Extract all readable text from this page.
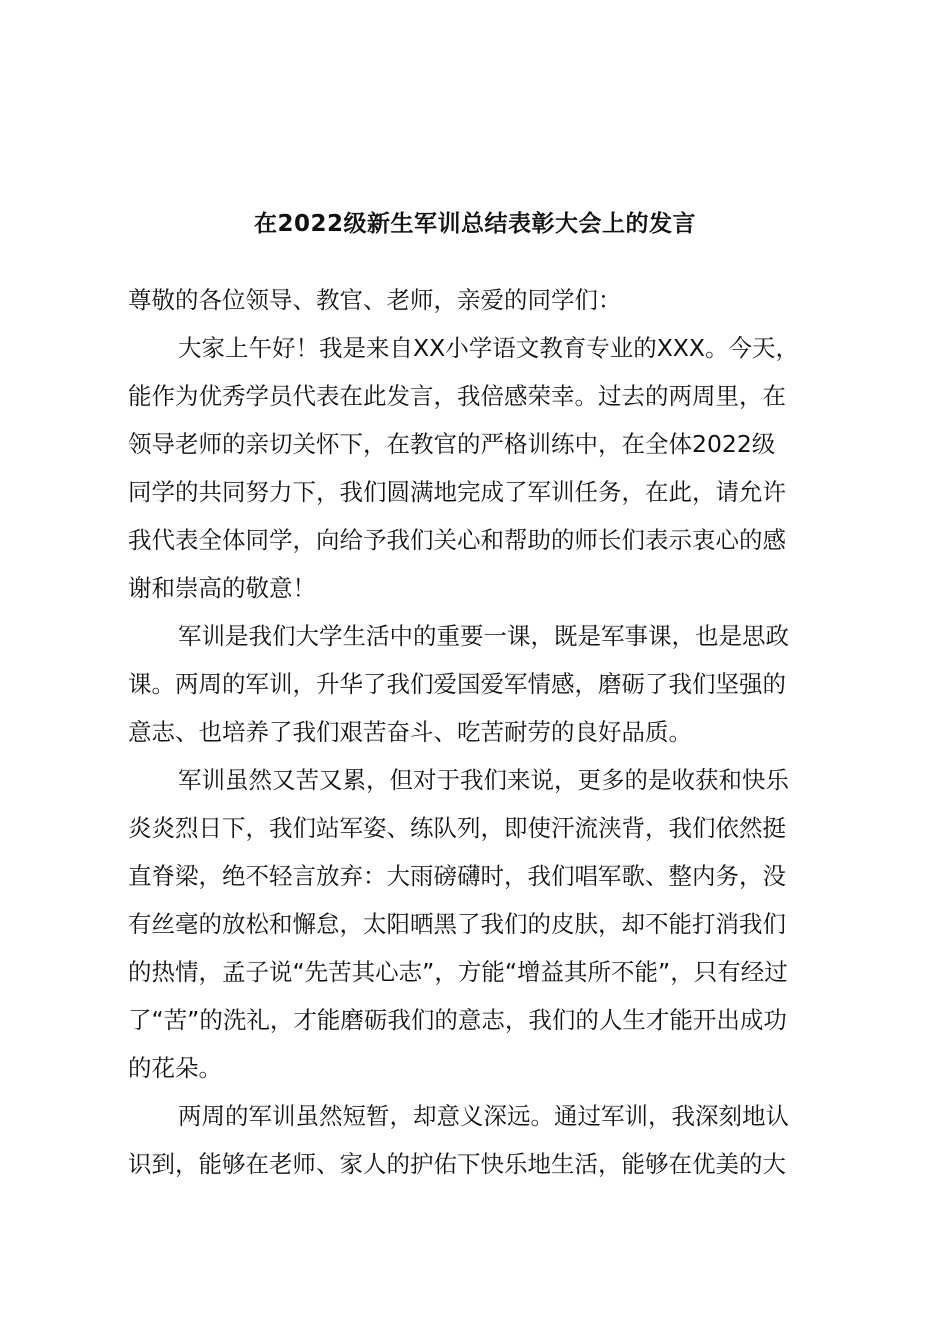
在2022级新生军训总结表彰大会上的发言
尊敬的各位领导、教官、老师，亲爱的同学们：
大家上午好！我是来自XX小学语文教育专业的XXX。今天，
能作为优秀学员代表在此发言，我倍感荣幸。过去的两周里，在
领导老师的亲切关怀下，在教官的严格训练中，在全体2022级
同学的共同努力下，我们圆满地完成了军训任务，在此，请允许
我代表全体同学，向给予我们关心和帮助的师长们表示衷心的感
谢和崇高的敬意！
军训是我们大学生活中的重要一课，既是军事课，也是思政
课。两周的军训，升华了我们爱国爱军情感，磨砺了我们坚强的
意志、也培养了我们艰苦奋斗、吃苦耐劳的良好品质。
军训虽然又苦又累，但对于我们来说，更多的是收获和快乐
炎炎烈日下，我们站军姿、练队列，即使汗流浃背，我们依然挺
直脊梁，绝不轻言放弃：大雨磅礴时，我们唱军歌、整内务，没
有丝毫的放松和懈怠，太阳晒黑了我们的皮肤，却不能打消我们
的热情，孟子说“先苦其心志”，方能“增益其所不能”，只有经过
了“苦”的洗礼，才能磨砺我们的意志，我们的人生才能开出成功
的花朵。
两周的军训虽然短暂，却意义深远。通过军训，我深刻地认
识到，能够在老师、家人的护佑下快乐地生活，能够在优美的大
